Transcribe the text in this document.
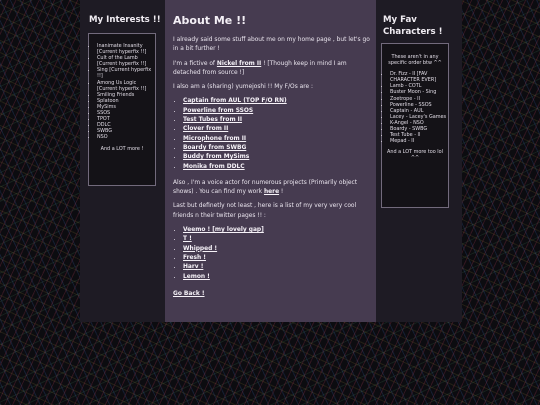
My Interests !!
• Inanimate Insanity [Current hyperfix !!]
• Cult of the Lamb [Current hyperfix !!]
• Sing [Current hyperfix !!]
• Among Us Logic [Current hyperfix !!]
• Smiling Friends
• Splatoon
• MySims
• SSOS
• TPOT
• DDLC
• SWBG
• NSO
And a LOT more !
About Me !!

I already said some stuff about me on my home page , but let's go in a bit further !

I'm a fictive of Nickel from II ! [Though keep in mind I am detached from source !]

I also am a (sharing) yumejoshi !! My F/Os are :

• Captain from AUL (TOP F/O RN)
• Powerline from SSOS
• Test Tubes from II
• Clover from II
• Microphone from II
• Boardy from SWBG
• Buddy from MySims
• Monika from DDLC

Also , I'm a voice actor for numerous projects (Primarily object shows) . You can find my work here !

Last but definetly not least , here is a list of my very very cool friends n their twitter pages !! :

• Veemo ! [my lovely gap]
• T !
• Whipped !
• Fresh !
• Harv !
• Lemon !
Go Back !
My Fav Characters !
These aren't in any specific order btw ^^
• Dr. Fizz - II [FAV CHARACTER EVER]
• Lamb - COTL
• Buster Moon - Sing
• Zoetrope - II
• Powerline - SSOS
• Captain - AUL
• Lacey - Lacey's Games
• K-Angel - NSO
• Boardy - SWBG
• Test Tube - II
• Mepad - II
And a LOT more too lol ^^
